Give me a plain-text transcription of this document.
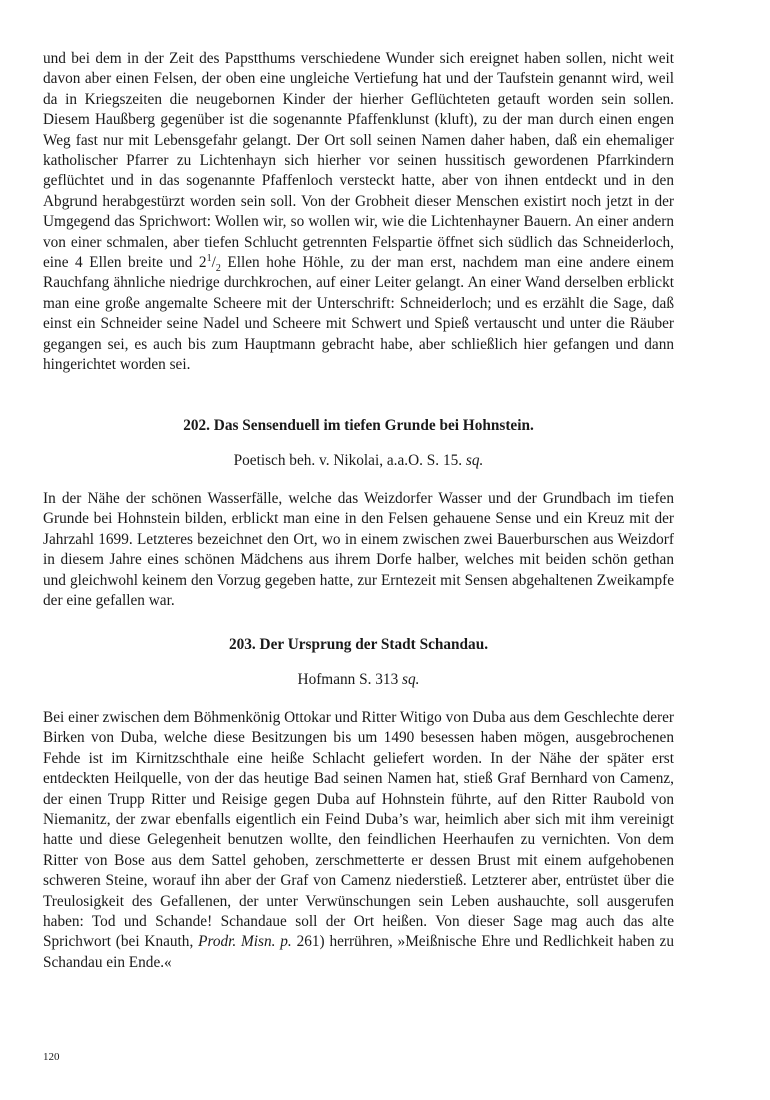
und bei dem in der Zeit des Papstthums verschiedene Wunder sich ereignet haben sollen, nicht weit davon aber einen Felsen, der oben eine ungleiche Vertiefung hat und der Taufstein genannt wird, weil da in Kriegszeiten die neugebornen Kinder der hierher Geflüchteten getauft worden sein sollen. Diesem Haußberg gegenüber ist die sogenannte Pfaffenklunst (kluft), zu der man durch einen engen Weg fast nur mit Lebensgefahr gelangt. Der Ort soll seinen Namen daher haben, daß ein ehemaliger katholischer Pfarrer zu Lichtenhayn sich hierher vor seinen hussitisch gewordenen Pfarrkindern geflüchtet und in das sogenannte Pfaffenloch versteckt hatte, aber von ihnen entdeckt und in den Abgrund herabgestürzt worden sein soll. Von der Grobheit dieser Menschen existirt noch jetzt in der Umgegend das Sprichwort: Wollen wir, so wollen wir, wie die Lichtenhayner Bauern. An einer andern von einer schmalen, aber tiefen Schlucht getrennten Felspartie öffnet sich südlich das Schneiderloch, eine 4 Ellen breite und $2^1/_2$ Ellen hohe Höhle, zu der man erst, nachdem man eine andere einem Rauchfang ähnliche niedrige durchkrochen, auf einer Leiter gelangt. An einer Wand derselben erblickt man eine große angemalte Scheere mit der Unterschrift: Schneiderloch; und es erzählt die Sage, daß einst ein Schneider seine Nadel und Scheere mit Schwert und Spieß vertauscht und unter die Räuber gegangen sei, es auch bis zum Hauptmann gebracht habe, aber schließlich hier gefangen und dann hingerichtet worden sei.

202. Das Sensenduell im tiefen Grunde bei Hohnstein.

Poetisch beh. v. Nikolai, a.a.O. S. 15. sq.

In der Nähe der schönen Wasserfälle, welche das Weizdorfer Wasser und der Grundbach im tiefen Grunde bei Hohnstein bilden, erblickt man eine in den Felsen gehauene Sense und ein Kreuz mit der Jahrzahl 1699. Letzteres bezeichnet den Ort, wo in einem zwischen zwei Bauerburschen aus Weizdorf in diesem Jahre eines schönen Mädchens aus ihrem Dorfe halber, welches mit beiden schön gethan und gleichwohl keinem den Vorzug gegeben hatte, zur Erntezeit mit Sensen abgehaltenen Zweikampfe der eine gefallen war.

203. Der Ursprung der Stadt Schandau.

Hofmann S. 313 sq.

Bei einer zwischen dem Böhmenkönig Ottokar und Ritter Witigo von Duba aus dem Geschlechte derer Birken von Duba, welche diese Besitzungen bis um 1490 besessen haben mögen, ausgebrochenen Fehde ist im Kirnitzschthale eine heiße Schlacht geliefert worden. In der Nähe der später erst entdeckten Heilquelle, von der das heutige Bad seinen Namen hat, stieß Graf Bernhard von Camenz, der einen Trupp Ritter und Reisige gegen Duba auf Hohnstein führte, auf den Ritter Raubold von Niemanitz, der zwar ebenfalls eigentlich ein Feind Duba’s war, heimlich aber sich mit ihm vereinigt hatte und diese Gelegenheit benutzen wollte, den feindlichen Heerhaufen zu vernichten. Von dem Ritter von Bose aus dem Sattel gehoben, zerschmetterte er dessen Brust mit einem aufgehobenen schweren Steine, worauf ihn aber der Graf von Camenz niederstieß. Letzterer aber, entrüstet über die Treulosigkeit des Gefallenen, der unter Verwünschungen sein Leben aushauchte, soll ausgerufen haben: Tod und Schande! Schandaue soll der Ort heißen. Von dieser Sage mag auch das alte Sprichwort (bei Knauth, Prodr. Misn. p. 261) herrühren, »Meißnische Ehre und Redlichkeit haben zu Schandau ein Ende.«

120
